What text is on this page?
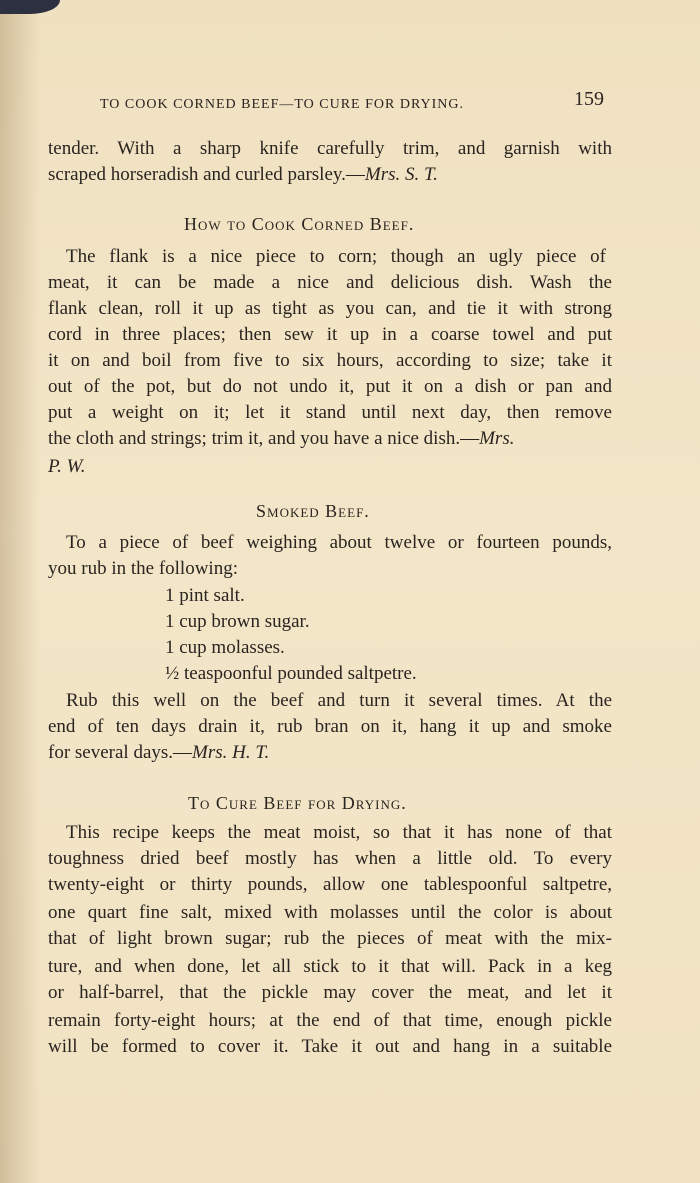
TO COOK CORNED BEEF—TO CURE FOR DRYING.	159
tender. With a sharp knife carefully trim, and garnish with
scraped horseradish and curled parsley.—Mrs. S. T.
How to Cook Corned Beef.
The flank is a nice piece to corn; though an ugly piece of
meat, it can be made a nice and delicious dish. Wash the
flank clean, roll it up as tight as you can, and tie it with strong
cord in three places; then sew it up in a coarse towel and put
it on and boil from five to six hours, according to size; take it
out of the pot, but do not undo it, put it on a dish or pan and
put a weight on it; let it stand until next day, then remove
the cloth and strings; trim it, and you have a nice dish.—Mrs.
P. W.
Smoked Beef.
To a piece of beef weighing about twelve or fourteen pounds,
you rub in the following:
1 pint salt.
1 cup brown sugar.
1 cup molasses.
½ teaspoonful pounded saltpetre.
Rub this well on the beef and turn it several times. At the
end of ten days drain it, rub bran on it, hang it up and smoke
for several days.—Mrs. H. T.
To Cure Beef for Drying.
This recipe keeps the meat moist, so that it has none of that
toughness dried beef mostly has when a little old. To every
twenty-eight or thirty pounds, allow one tablespoonful saltpetre,
one quart fine salt, mixed with molasses until the color is about
that of light brown sugar; rub the pieces of meat with the mix-
ture, and when done, let all stick to it that will. Pack in a keg
or half-barrel, that the pickle may cover the meat, and let it
remain forty-eight hours; at the end of that time, enough pickle
will be formed to cover it. Take it out and hang in a suitable
